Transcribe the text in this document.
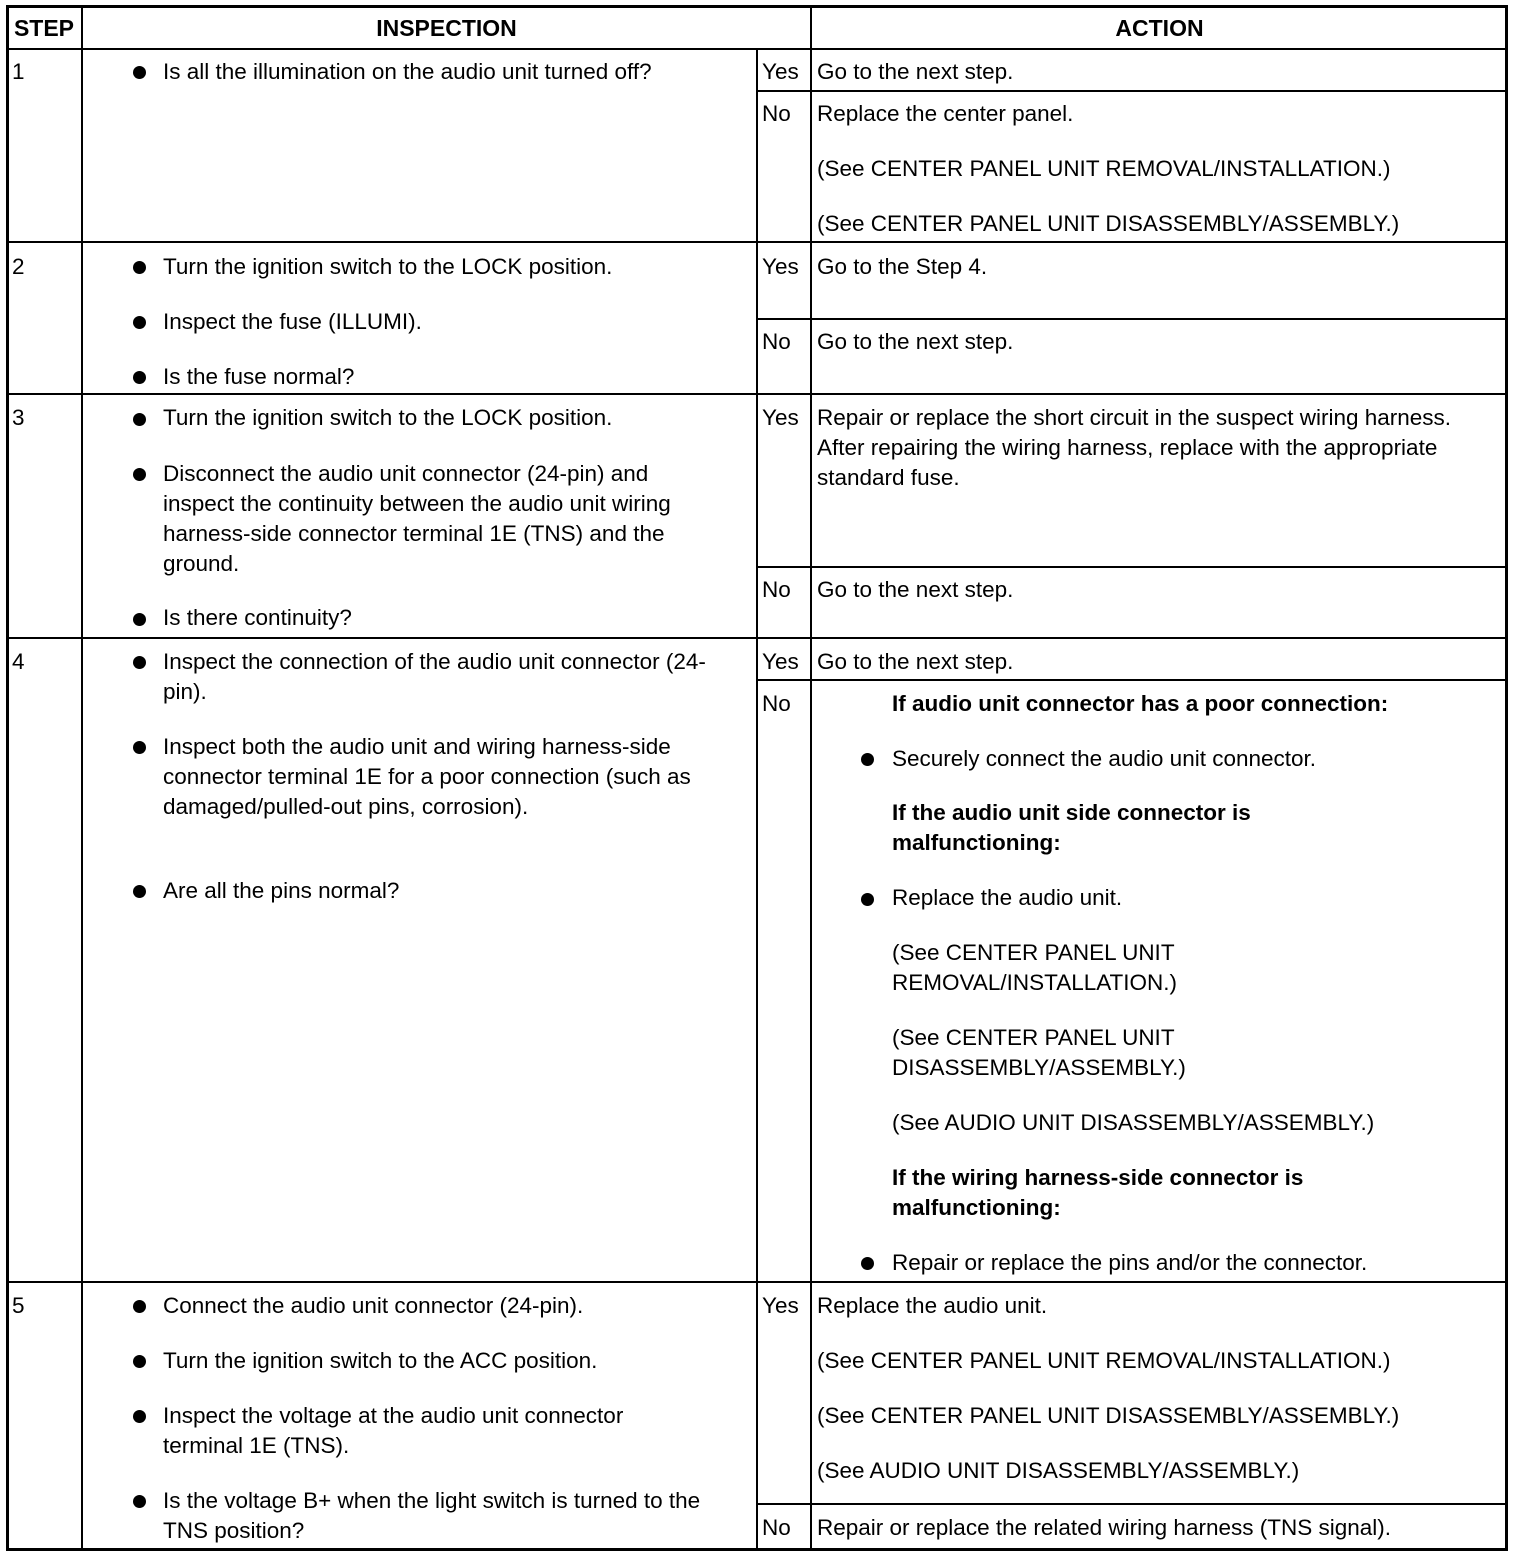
STEP	INSPECTION	ACTION
1	Is all the illumination on the audio unit turned off?	Yes Go to the next step.
No Replace the center panel.
(See CENTER PANEL UNIT REMOVAL/INSTALLATION.)
(See CENTER PANEL UNIT DISASSEMBLY/ASSEMBLY.)
2	Turn the ignition switch to the LOCK position.
Inspect the fuse (ILLUMI).
Is the fuse normal?
Yes Go to the Step 4.
No Go to the next step.
3	Turn the ignition switch to the LOCK position.
Disconnect the audio unit connector (24-pin) and inspect the continuity between the audio unit wiring harness-side connector terminal 1E (TNS) and the ground.
Is there continuity?
Yes Repair or replace the short circuit in the suspect wiring harness. After repairing the wiring harness, replace with the appropriate standard fuse.
No Go to the next step.
4	Inspect the connection of the audio unit connector (24-pin).
Inspect both the audio unit and wiring harness-side connector terminal 1E for a poor connection (such as damaged/pulled-out pins, corrosion).
Are all the pins normal?
Yes Go to the next step.
No	If audio unit connector has a poor connection:
Securely connect the audio unit connector.
If the audio unit side connector is malfunctioning:
Replace the audio unit.
(See CENTER PANEL UNIT REMOVAL/INSTALLATION.)
(See CENTER PANEL UNIT DISASSEMBLY/ASSEMBLY.)
(See AUDIO UNIT DISASSEMBLY/ASSEMBLY.)
If the wiring harness-side connector is malfunctioning:
Repair or replace the pins and/or the connector.
5	Connect the audio unit connector (24-pin).
Turn the ignition switch to the ACC position.
Inspect the voltage at the audio unit connector terminal 1E (TNS).
Is the voltage B+ when the light switch is turned to the TNS position?
Yes Replace the audio unit.
(See CENTER PANEL UNIT REMOVAL/INSTALLATION.)
(See CENTER PANEL UNIT DISASSEMBLY/ASSEMBLY.)
(See AUDIO UNIT DISASSEMBLY/ASSEMBLY.)
No Repair or replace the related wiring harness (TNS signal).
